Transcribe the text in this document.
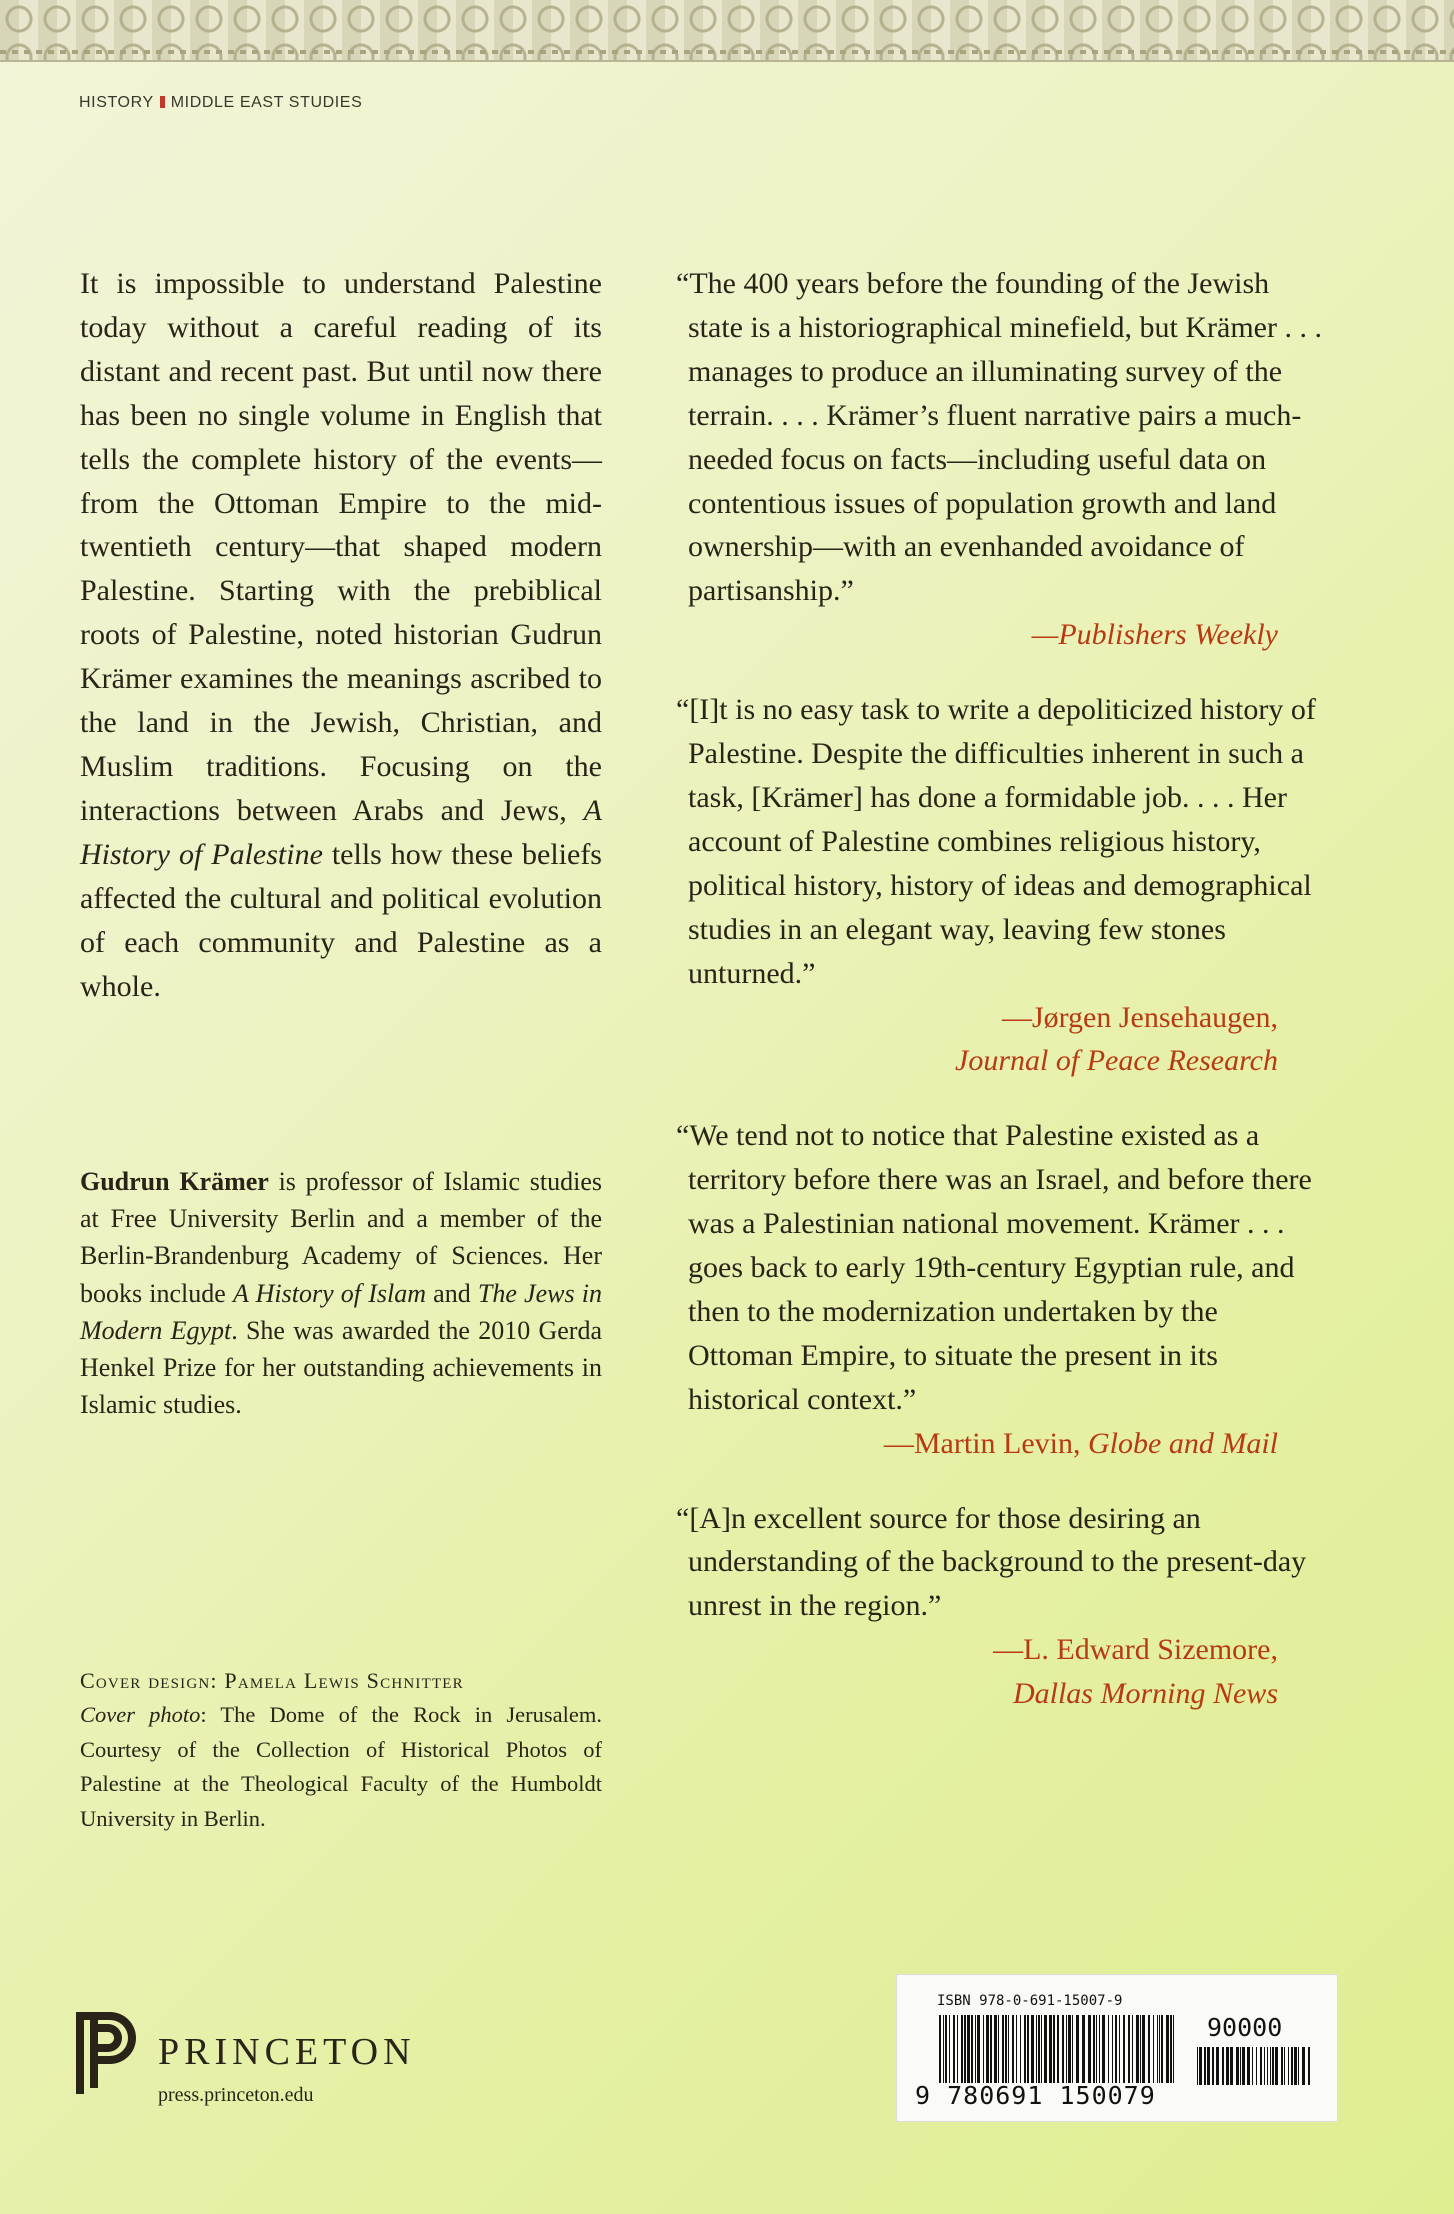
HISTORY MIDDLE EAST STUDIES
It is impossible to understand Palestine today without a careful reading of its distant and recent past. But until now there has been no single volume in English that tells the complete history of the events—from the Ottoman Empire to the mid-twentieth century—that shaped modern Palestine. Starting with the prebiblical roots of Palestine, noted historian Gudrun Krämer examines the meanings ascribed to the land in the Jewish, Christian, and Muslim traditions. Focusing on the interactions between Arabs and Jews, A History of Palestine tells how these beliefs affected the cultural and political evolution of each community and Palestine as a whole.
Gudrun Krämer is professor of Islamic studies at Free University Berlin and a member of the Berlin-Brandenburg Academy of Sciences. Her books include A History of Islam and The Jews in Modern Egypt. She was awarded the 2010 Gerda Henkel Prize for her outstanding achievements in Islamic studies.
Cover design: Pamela Lewis Schnitter
Cover photo: The Dome of the Rock in Jerusalem. Courtesy of the Collection of Historical Photos of Palestine at the Theological Faculty of the Humboldt University in Berlin.
“The 400 years before the founding of the Jewish state is a historiographical minefield, but Krämer . . . manages to produce an illuminating survey of the terrain. . . . Krämer’s fluent narrative pairs a much-needed focus on facts—including useful data on contentious issues of population growth and land ownership—with an evenhanded avoidance of partisanship.”
—Publishers Weekly
“[I]t is no easy task to write a depoliticized history of Palestine. Despite the difficulties inherent in such a task, [Krämer] has done a formidable job. . . . Her account of Palestine combines religious history, political history, history of ideas and demographical studies in an elegant way, leaving few stones unturned.”
—Jørgen Jensehaugen,
Journal of Peace Research
“We tend not to notice that Palestine existed as a territory before there was an Israel, and before there was a Palestinian national movement. Krämer . . . goes back to early 19th-century Egyptian rule, and then to the modernization undertaken by the Ottoman Empire, to situate the present in its historical context.”
—Martin Levin, Globe and Mail
“[A]n excellent source for those desiring an understanding of the background to the present-day unrest in the region.”
—L. Edward Sizemore,
Dallas Morning News
PRINCETON
press.princeton.edu
ISBN 978-0-691-15007-9
9 780691 150079
90000
